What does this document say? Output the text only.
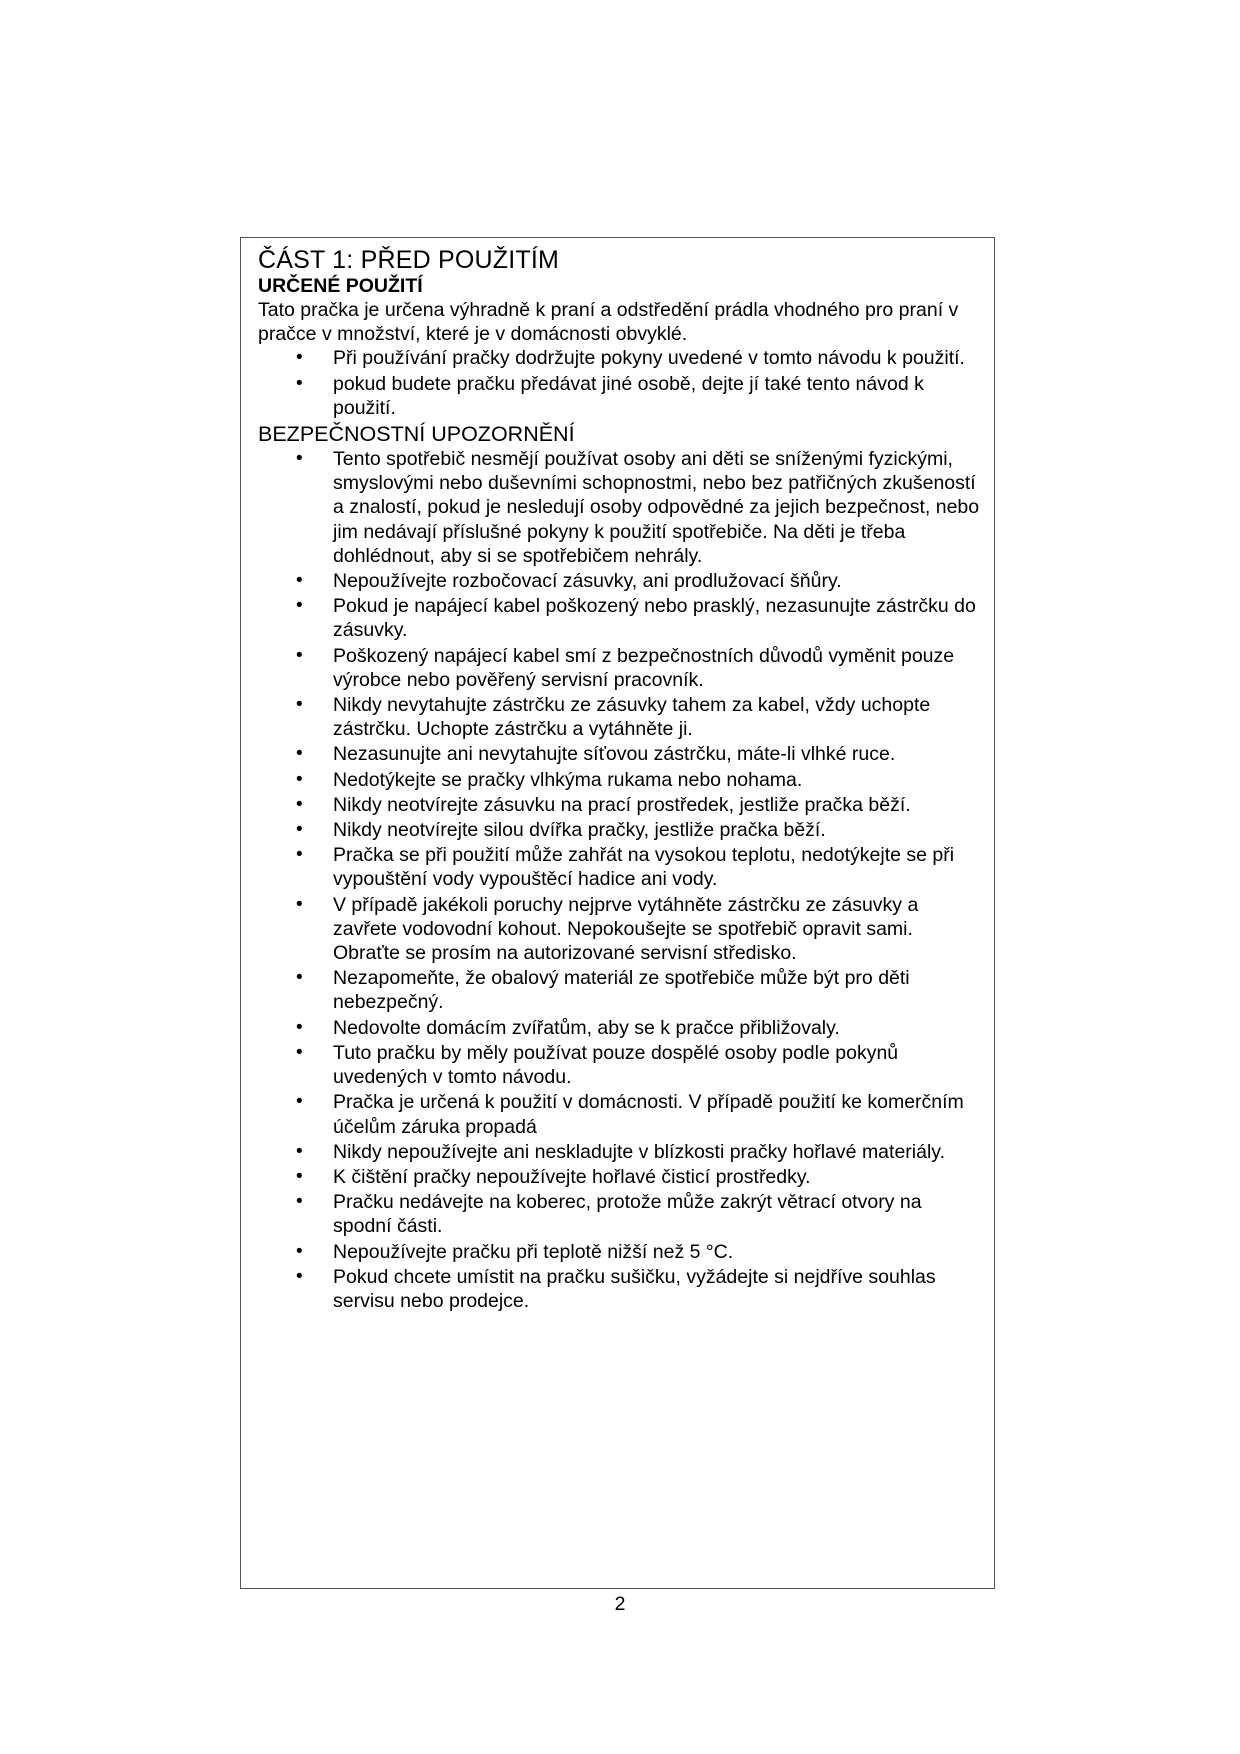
ČÁST 1: PŘED POUŽITÍM
URČENÉ POUŽITÍ

Tato pračka je určena výhradně k praní a odstředění prádla vhodného pro praní v pračce v množství, které je v domácnosti obvyklé.

• Při používání pračky dodržujte pokyny uvedené v tomto návodu k použití.
• pokud budete pračku předávat jiné osobě, dejte jí také tento návod k použití.
BEZPEČNOSTNÍ UPOZORNĚNÍ
• Tento spotřebič nesmějí používat osoby ani děti se sníženými fyzickými, smyslovými nebo duševními schopnostmi, nebo bez patřičných zkušeností a znalostí, pokud je nesledují osoby odpovědné za jejich bezpečnost, nebo jim nedávají příslušné pokyny k použití spotřebiče. Na děti je třeba dohlédnout, aby si se spotřebičem nehrály.
• Nepoužívejte rozbočovací zásuvky, ani prodlužovací šňůry.
• Pokud je napájecí kabel poškozený nebo prasklý, nezasunujte zástrčku do zásuvky.
• Poškozený napájecí kabel smí z bezpečnostních důvodů vyměnit pouze výrobce nebo pověřený servisní pracovník.
• Nikdy nevytahujte zástrčku ze zásuvky tahem za kabel, vždy uchopte zástrčku. Uchopte zástrčku a vytáhněte ji.
• Nezasunujte ani nevytahujte síťovou zástrčku, máte-li vlhké ruce.
• Nedotýkejte se pračky vlhkýma rukama nebo nohama.
• Nikdy neotvírejte zásuvku na prací prostředek, jestliže pračka běží.
• Nikdy neotvírejte silou dvířka pračky, jestliže pračka běží.
• Pračka se při použití může zahřát na vysokou teplotu, nedotýkejte se při vypouštění vody vypouštěcí hadice ani vody.
• V případě jakékoli poruchy nejprve vytáhněte zástrčku ze zásuvky a zavřete vodovodní kohout. Nepokoušejte se spotřebič opravit sami. Obraťte se prosím na autorizované servisní středisko.
• Nezapomeňte, že obalový materiál ze spotřebiče může být pro děti nebezpečný.
• Nedovolte domácím zvířatům, aby se k pračce přibližovaly.
• Tuto pračku by měly používat pouze dospělé osoby podle pokynů uvedených v tomto návodu.
• Pračka je určená k použití v domácnosti. V případě použití ke komerčním účelům záruka propadá
• Nikdy nepoužívejte ani neskladujte v blízkosti pračky hořlavé materiály.
• K čištění pračky nepoužívejte hořlavé čisticí prostředky.
• Pračku nedávejte na koberec, protože může zakrýt větrací otvory na spodní části.
• Nepoužívejte pračku při teplotě nižší než 5 °C.
• Pokud chcete umístit na pračku sušičku, vyžádejte si nejdříve souhlas servisu nebo prodejce.
2
